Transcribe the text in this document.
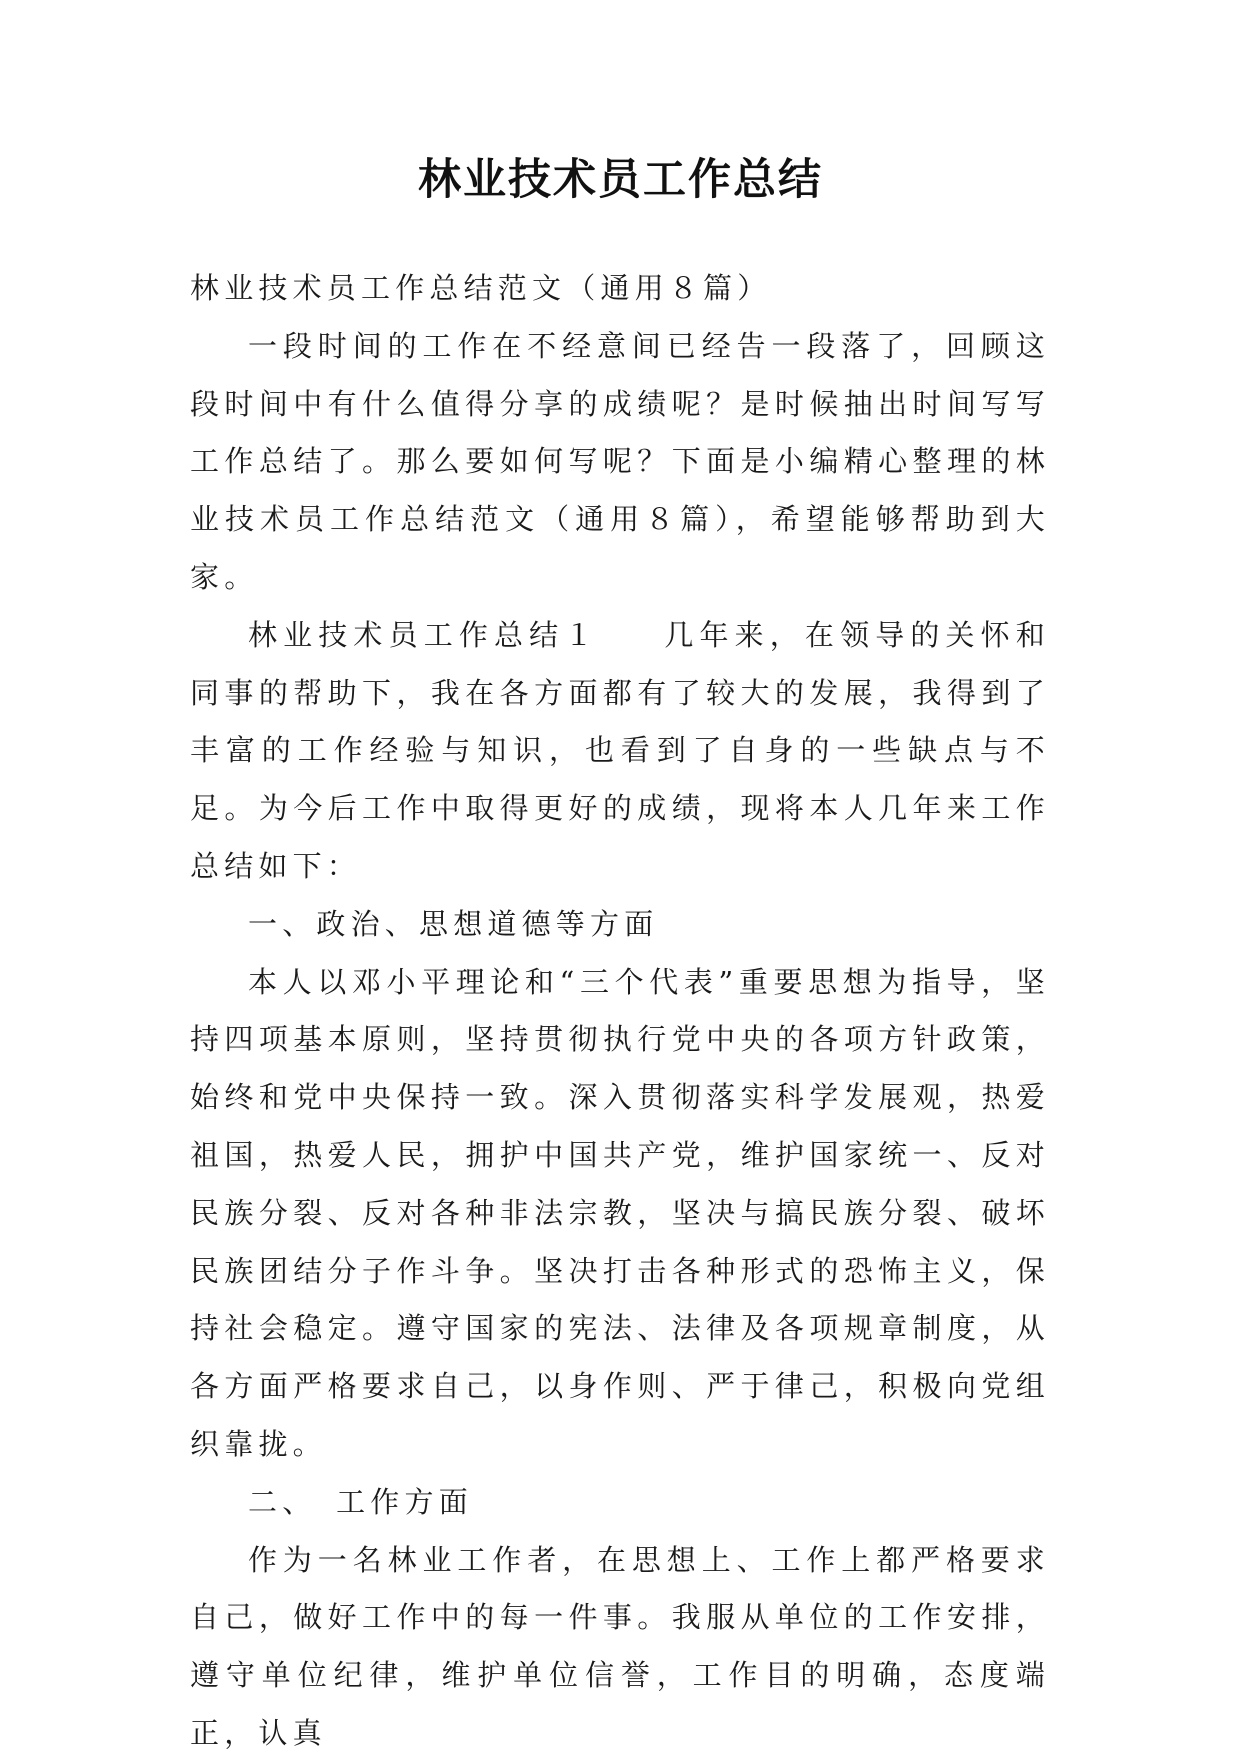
林业技术员工作总结

林业技术员工作总结范文（通用８篇）

一段时间的工作在不经意间已经告一段落了，回顾这段时间中有什么值得分享的成绩呢？是时候抽出时间写写工作总结了。那么要如何写呢？下面是小编精心整理的林业技术员工作总结范文（通用８篇），希望能够帮助到大家。

林业技术员工作总结１ 几年来，在领导的关怀和同事的帮助下，我在各方面都有了较大的发展，我得到了丰富的工作经验与知识，也看到了自身的一些缺点与不足。为今后工作中取得更好的成绩，现将本人几年来工作总结如下：

一、政治、思想道德等方面

本人以邓小平理论和“三个代表”重要思想为指导，坚持四项基本原则，坚持贯彻执行党中央的各项方针政策，始终和党中央保持一致。深入贯彻落实科学发展观，热爱祖国，热爱人民，拥护中国共产党，维护国家统一、反对民族分裂、反对各种非法宗教，坚决与搞民族分裂、破坏民族团结分子作斗争。坚决打击各种形式的恐怖主义，保持社会稳定。遵守国家的宪法、法律及各项规章制度，从各方面严格要求自己，以身作则、严于律己，积极向党组织靠拢。

二、　工作方面

作为一名林业工作者，在思想上、工作上都严格要求自己，做好工作中的每一件事。我服从单位的工作安排，遵守单位纪律，维护单位信誉，工作目的明确，态度端正，认真
